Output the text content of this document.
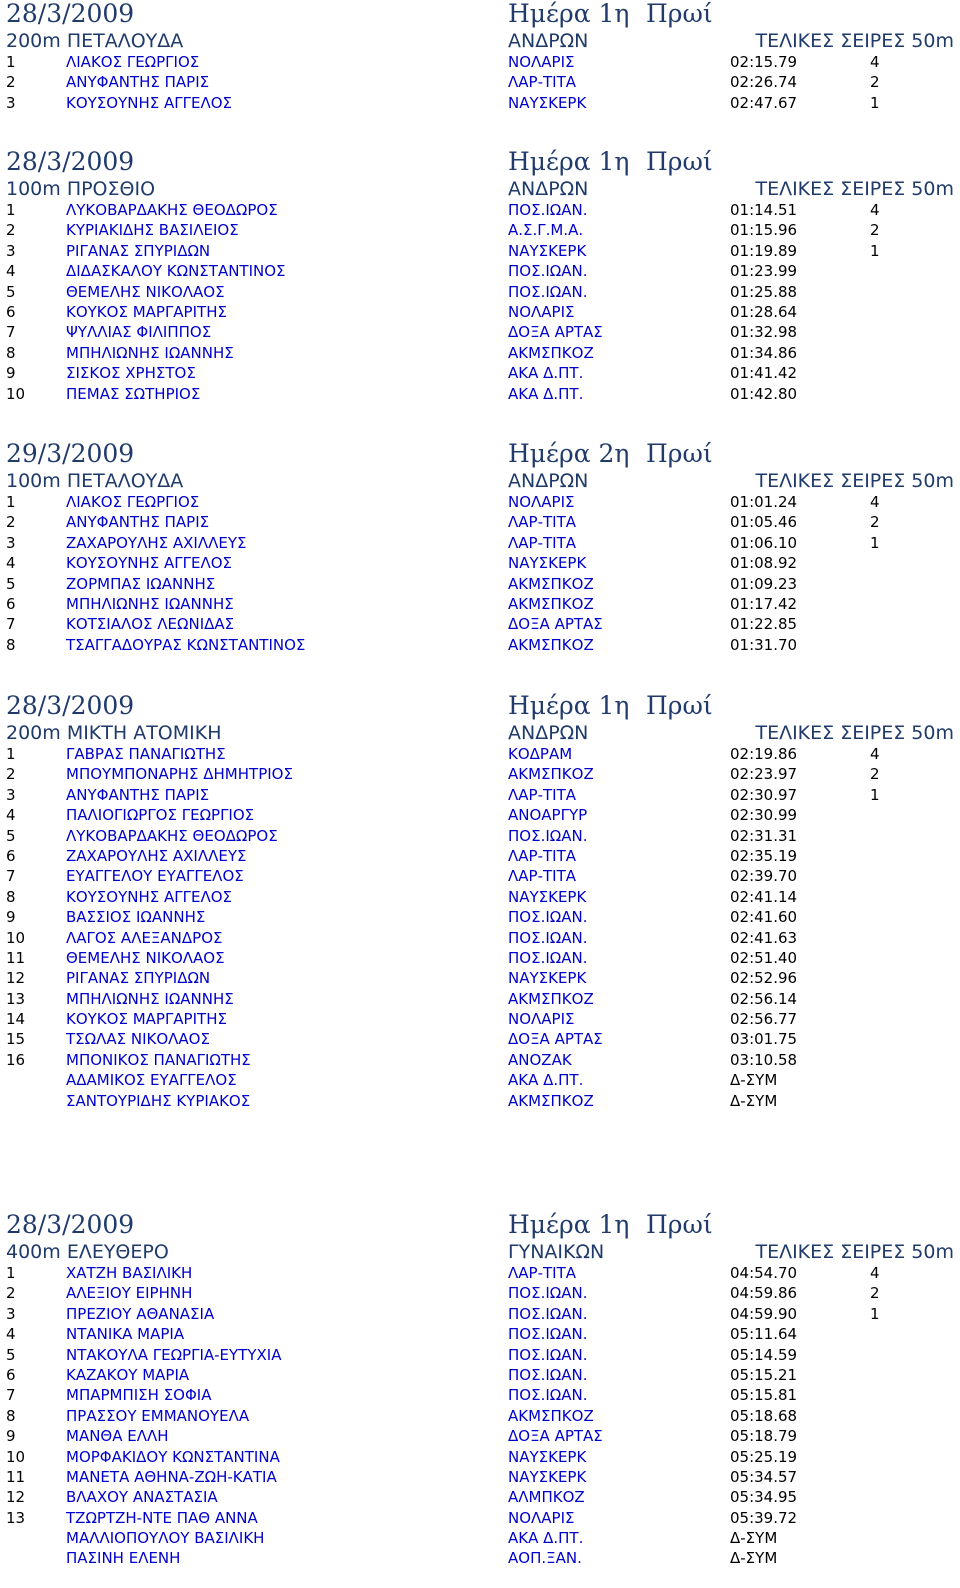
28/3/2009	Ημέρα 1η Πρωί
200m ΠΕΤΑΛΟΥΔΑ	ΑΝΔΡΩΝ	ΤΕΛΙΚΕΣ ΣΕΙΡΕΣ 50m
1	ΛΙΑΚΟΣ ΓΕΩΡΓΙΟΣ	ΝΟΛΑΡΙΣ	02:15.79	4
2	ΑΝΥΦΑΝΤΗΣ ΠΑΡΙΣ	ΛΑΡ-ΤΙΤΑ	02:26.74	2
3	ΚΟΥΣΟΥΝΗΣ ΑΓΓΕΛΟΣ	ΝΑΥΣΚΕΡΚ	02:47.67	1
28/3/2009	Ημέρα 1η Πρωί
100m ΠΡΟΣΘΙΟ	ΑΝΔΡΩΝ	ΤΕΛΙΚΕΣ ΣΕΙΡΕΣ 50m
1	ΛΥΚΟΒΑΡΔΑΚΗΣ ΘΕΟΔΩΡΟΣ	ΠΟΣ.ΙΩΑΝ.	01:14.51	4
2	ΚΥΡΙΑΚΙΔΗΣ ΒΑΣΙΛΕΙΟΣ	Α.Σ.Γ.Μ.Α.	01:15.96	2
3	ΡΙΓΑΝΑΣ ΣΠΥΡΙΔΩΝ	ΝΑΥΣΚΕΡΚ	01:19.89	1
4	ΔΙΔΑΣΚΑΛΟΥ ΚΩΝΣΤΑΝΤΙΝΟΣ	ΠΟΣ.ΙΩΑΝ.	01:23.99
5	ΘΕΜΕΛΗΣ ΝΙΚΟΛΑΟΣ	ΠΟΣ.ΙΩΑΝ.	01:25.88
6	ΚΟΥΚΟΣ ΜΑΡΓΑΡΙΤΗΣ	ΝΟΛΑΡΙΣ	01:28.64
7	ΨΥΛΛΙΑΣ ΦΙΛΙΠΠΟΣ	ΔΟΞΑ ΑΡΤΑΣ	01:32.98
8	ΜΠΗΛΙΩΝΗΣ ΙΩΑΝΝΗΣ	ΑΚΜΣΠΚΟΖ	01:34.86
9	ΣΙΣΚΟΣ ΧΡΗΣΤΟΣ	ΑΚΑ Δ.ΠΤ.	01:41.42
10	ΠΕΜΑΣ ΣΩΤΗΡΙΟΣ	ΑΚΑ Δ.ΠΤ.	01:42.80
29/3/2009	Ημέρα 2η Πρωί
100m ΠΕΤΑΛΟΥΔΑ	ΑΝΔΡΩΝ	ΤΕΛΙΚΕΣ ΣΕΙΡΕΣ 50m
1	ΛΙΑΚΟΣ ΓΕΩΡΓΙΟΣ	ΝΟΛΑΡΙΣ	01:01.24	4
2	ΑΝΥΦΑΝΤΗΣ ΠΑΡΙΣ	ΛΑΡ-ΤΙΤΑ	01:05.46	2
3	ΖΑΧΑΡΟΥΛΗΣ ΑΧΙΛΛΕΥΣ	ΛΑΡ-ΤΙΤΑ	01:06.10	1
4	ΚΟΥΣΟΥΝΗΣ ΑΓΓΕΛΟΣ	ΝΑΥΣΚΕΡΚ	01:08.92
5	ΖΟΡΜΠΑΣ ΙΩΑΝΝΗΣ	ΑΚΜΣΠΚΟΖ	01:09.23
6	ΜΠΗΛΙΩΝΗΣ ΙΩΑΝΝΗΣ	ΑΚΜΣΠΚΟΖ	01:17.42
7	ΚΟΤΣΙΑΛΟΣ ΛΕΩΝΙΔΑΣ	ΔΟΞΑ ΑΡΤΑΣ	01:22.85
8	ΤΣΑΓΓΑΔΟΥΡΑΣ ΚΩΝΣΤΑΝΤΙΝΟΣ	ΑΚΜΣΠΚΟΖ	01:31.70
28/3/2009	Ημέρα 1η Πρωί
200m ΜΙΚΤΗ ΑΤΟΜΙΚΗ	ΑΝΔΡΩΝ	ΤΕΛΙΚΕΣ ΣΕΙΡΕΣ 50m
1	ΓΑΒΡΑΣ ΠΑΝΑΓΙΩΤΗΣ	ΚΟΔΡΑΜ	02:19.86	4
2	ΜΠΟΥΜΠΟΝΑΡΗΣ ΔΗΜΗΤΡΙΟΣ	ΑΚΜΣΠΚΟΖ	02:23.97	2
3	ΑΝΥΦΑΝΤΗΣ ΠΑΡΙΣ	ΛΑΡ-ΤΙΤΑ	02:30.97	1
4	ΠΑΛΙΟΓΙΩΡΓΟΣ ΓΕΩΡΓΙΟΣ	ΑΝΟΑΡΓΥΡ	02:30.99
5	ΛΥΚΟΒΑΡΔΑΚΗΣ ΘΕΟΔΩΡΟΣ	ΠΟΣ.ΙΩΑΝ.	02:31.31
6	ΖΑΧΑΡΟΥΛΗΣ ΑΧΙΛΛΕΥΣ	ΛΑΡ-ΤΙΤΑ	02:35.19
7	ΕΥΑΓΓΕΛΟΥ ΕΥΑΓΓΕΛΟΣ	ΛΑΡ-ΤΙΤΑ	02:39.70
8	ΚΟΥΣΟΥΝΗΣ ΑΓΓΕΛΟΣ	ΝΑΥΣΚΕΡΚ	02:41.14
9	ΒΑΣΣΙΟΣ ΙΩΑΝΝΗΣ	ΠΟΣ.ΙΩΑΝ.	02:41.60
10	ΛΑΓΟΣ ΑΛΕΞΑΝΔΡΟΣ	ΠΟΣ.ΙΩΑΝ.	02:41.63
11	ΘΕΜΕΛΗΣ ΝΙΚΟΛΑΟΣ	ΠΟΣ.ΙΩΑΝ.	02:51.40
12	ΡΙΓΑΝΑΣ ΣΠΥΡΙΔΩΝ	ΝΑΥΣΚΕΡΚ	02:52.96
13	ΜΠΗΛΙΩΝΗΣ ΙΩΑΝΝΗΣ	ΑΚΜΣΠΚΟΖ	02:56.14
14	ΚΟΥΚΟΣ ΜΑΡΓΑΡΙΤΗΣ	ΝΟΛΑΡΙΣ	02:56.77
15	ΤΣΩΛΑΣ ΝΙΚΟΛΑΟΣ	ΔΟΞΑ ΑΡΤΑΣ	03:01.75
16	ΜΠΟΝΙΚΟΣ ΠΑΝΑΓΙΩΤΗΣ	ΑΝΟΖΑΚ	03:10.58
ΑΔΑΜΙΚΟΣ ΕΥΑΓΓΕΛΟΣ	ΑΚΑ Δ.ΠΤ.	Δ-ΣΥΜ
ΣΑΝΤΟΥΡΙΔΗΣ ΚΥΡΙΑΚΟΣ	ΑΚΜΣΠΚΟΖ	Δ-ΣΥΜ
28/3/2009	Ημέρα 1η Πρωί
400m ΕΛΕΥΘΕΡΟ	ΓΥΝΑΙΚΩΝ	ΤΕΛΙΚΕΣ ΣΕΙΡΕΣ 50m
1	ΧΑΤΖΗ ΒΑΣΙΛΙΚΗ	ΛΑΡ-ΤΙΤΑ	04:54.70	4
2	ΑΛΕΞΙΟΥ ΕΙΡΗΝΗ	ΠΟΣ.ΙΩΑΝ.	04:59.86	2
3	ΠΡΕΖΙΟΥ ΑΘΑΝΑΣΙΑ	ΠΟΣ.ΙΩΑΝ.	04:59.90	1
4	ΝΤΑΝΙΚΑ ΜΑΡΙΑ	ΠΟΣ.ΙΩΑΝ.	05:11.64
5	ΝΤΑΚΟΥΛΑ ΓΕΩΡΓΙΑ-ΕΥΤΥΧΙΑ	ΠΟΣ.ΙΩΑΝ.	05:14.59
6	ΚΑΖΑΚΟΥ ΜΑΡΙΑ	ΠΟΣ.ΙΩΑΝ.	05:15.21
7	ΜΠΑΡΜΠΙΣΗ ΣΟΦΙΑ	ΠΟΣ.ΙΩΑΝ.	05:15.81
8	ΠΡΑΣΣΟΥ ΕΜΜΑΝΟΥΕΛΑ	ΑΚΜΣΠΚΟΖ	05:18.68
9	ΜΑΝΘΑ ΕΛΛΗ	ΔΟΞΑ ΑΡΤΑΣ	05:18.79
10	ΜΟΡΦΑΚΙΔΟΥ ΚΩΝΣΤΑΝΤΙΝΑ	ΝΑΥΣΚΕΡΚ	05:25.19
11	ΜΑΝΕΤΑ ΑΘΗΝΑ-ΖΩΗ-ΚΑΤΙΑ	ΝΑΥΣΚΕΡΚ	05:34.57
12	ΒΛΑΧΟΥ ΑΝΑΣΤΑΣΙΑ	ΑΛΜΠΚΟΖ	05:34.95
13	ΤΖΩΡΤΖΗ-ΝΤΕ ΠΑΘ ΑΝΝΑ	ΝΟΛΑΡΙΣ	05:39.72
ΜΑΛΛΙΟΠΟΥΛΟΥ ΒΑΣΙΛΙΚΗ	ΑΚΑ Δ.ΠΤ.	Δ-ΣΥΜ
ΠΑΣΙΝΗ ΕΛΕΝΗ	ΑΟΠ.ΞΑΝ.	Δ-ΣΥΜ
